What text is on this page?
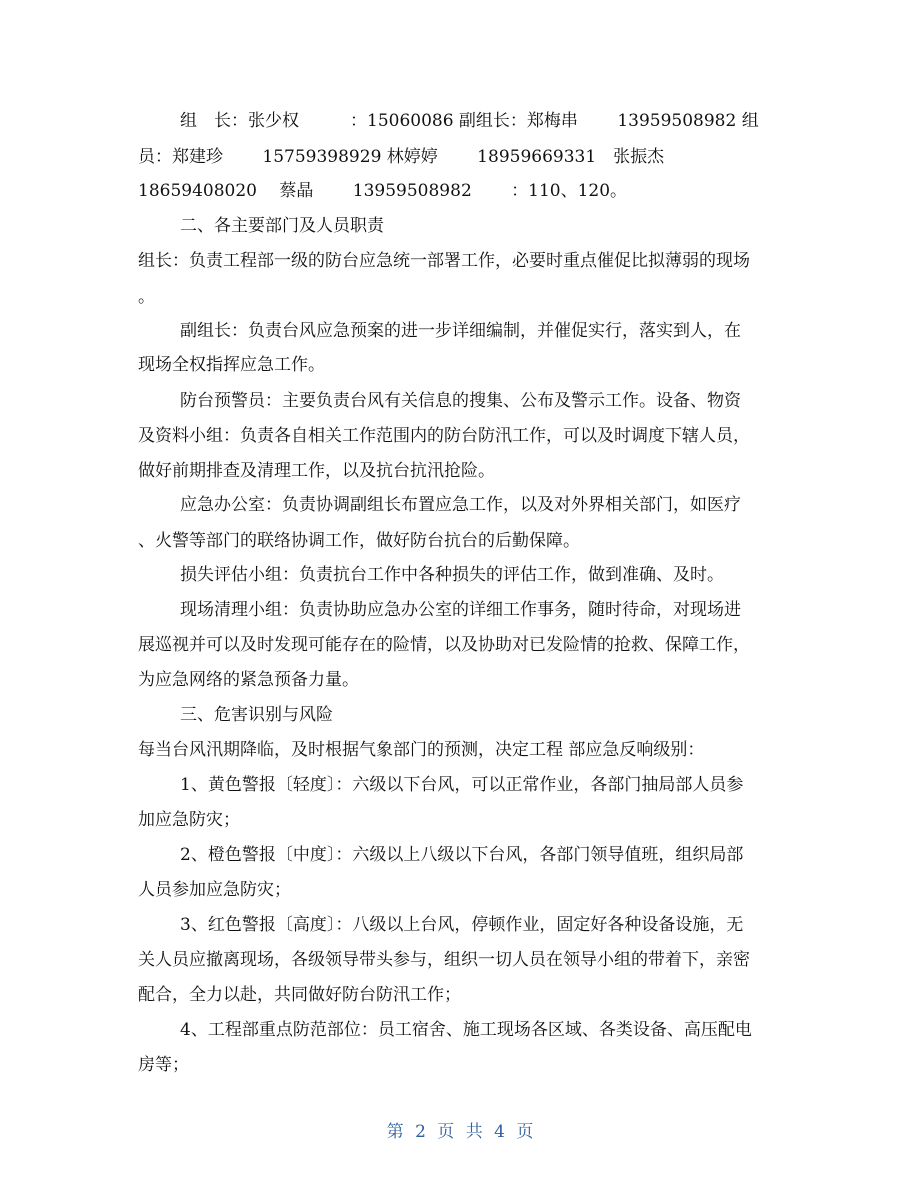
组　长：张少权　　　：15060086 副组长：郑梅串　　 13959508982 组
员：郑建珍　　 15759398929 林婷婷　　 18959669331　张振杰
18659408020　 蔡晶　　 13959508982　　 ：110、120。
二、各主要部门及人员职责
组长：负责工程部一级的防台应急统一部署工作，必要时重点催促比拟薄弱的现场
。
副组长：负责台风应急预案的进一步详细编制，并催促实行，落实到人，在
现场全权指挥应急工作。
防台预警员：主要负责台风有关信息的搜集、公布及警示工作。设备、物资
及资料小组：负责各自相关工作范围内的防台防汛工作，可以及时调度下辖人员，
做好前期排查及清理工作，以及抗台抗汛抢险。
应急办公室：负责协调副组长布置应急工作，以及对外界相关部门，如医疗
、火警等部门的联络协调工作，做好防台抗台的后勤保障。
损失评估小组：负责抗台工作中各种损失的评估工作，做到准确、及时。
现场清理小组：负责协助应急办公室的详细工作事务，随时待命，对现场进
展巡视并可以及时发现可能存在的险情，以及协助对已发险情的抢救、保障工作，
为应急网络的紧急预备力量。
三、危害识别与风险
每当台风汛期降临，及时根据气象部门的预测，决定工程 部应急反响级别：
1、黄色警报〔轻度〕：六级以下台风，可以正常作业，各部门抽局部人员参
加应急防灾；
2、橙色警报〔中度〕：六级以上八级以下台风，各部门领导值班，组织局部
人员参加应急防灾；
3、红色警报〔高度〕：八级以上台风，停顿作业，固定好各种设备设施，无
关人员应撤离现场，各级领导带头参与，组织一切人员在领导小组的带着下，亲密
配合，全力以赴，共同做好防台防汛工作；
4、工程部重点防范部位：员工宿舍、施工现场各区域、各类设备、高压配电
房等；
第 2 页 共 4 页
